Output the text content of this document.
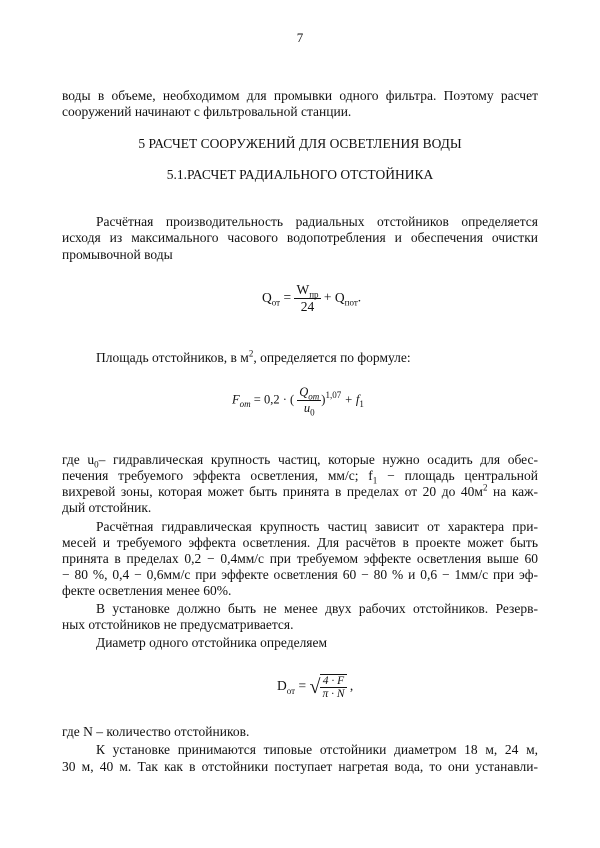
7
воды в объеме, необходимом для промывки одного фильтра. Поэтому расчет
сооружений начинают с фильтровальной станции.
5 РАСЧЕТ СООРУЖЕНИЙ ДЛЯ ОСВЕТЛЕНИЯ ВОДЫ
5.1.РАСЧЕТ РАДИАЛЬНОГО ОТСТОЙНИКА
Расчётная производительность радиальных отстойников определяется
исходя из максимального часового водопотребления и обеспечения очистки
промывочной воды
$Q_{от} = \frac{W_{пр}}{24} + Q_{пот}$.
Площадь отстойников, в $м^2$, определяется по формуле:
$F_{от} = 0,2$ · ( $\frac{Q_{от}}{u_0} )^{1,07} + f_1$
где $u_0-$ гидравлическая крупность частиц, которые нужно осадить для обес-
печения требуемого эффекта осветления, мм/с; $f_1$ − площадь центральной
вихревой зоны, которая может быть принята в пределах от 20 до $40м^2$ на каж-
дый отстойник.
Расчётная гидравлическая крупность частиц зависит от характера при-
месей и требуемого эффекта осветления. Для расчётов в проекте может быть
принята в пределах 0,2 − 0,4мм/с при требуемом эффекте осветления выше 60
− 80 %, 0,4 − 0,6мм/с при эффекте осветления 60 − 80 % и 0,6 − 1мм/с при эф-
фекте осветления менее 60%.
В установке должно быть не менее двух рабочих отстойников. Резерв-
ных отстойников не предусматривается.
Диаметр одного отстойника определяем
$D_{от}$ = √ $\frac{4 \cdot F}{\pi \cdot N}$ ,
где N – количество отстойников.
К установке принимаются типовые отстойники диаметром 18 м, 24 м,
30 м, 40 м. Так как в отстойники поступает нагретая вода, то они устанавли-
